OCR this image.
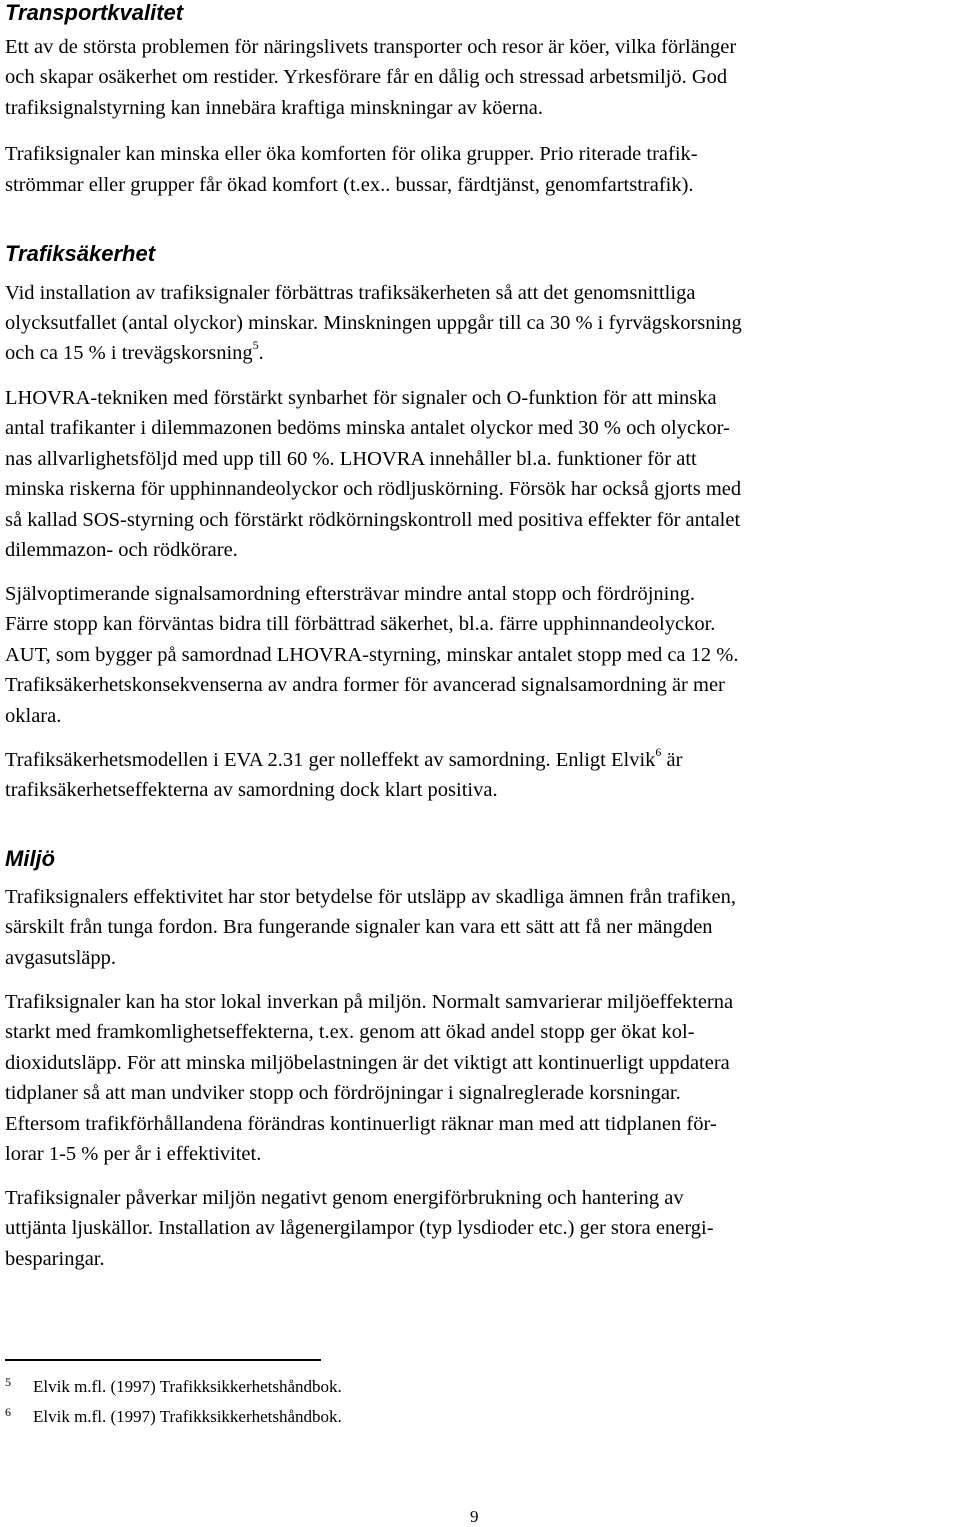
Transportkvalitet
Ett av de största problemen för näringslivets transporter och resor är köer, vilka förlänger
och skapar osäkerhet om restider. Yrkesförare får en dålig och stressad arbetsmiljö. God
trafiksignalstyrning kan innebära kraftiga minskningar av köerna.
Trafiksignaler kan minska eller öka komforten för olika grupper. Prio riterade trafik-
strömmar eller grupper får ökad komfort (t.ex.. bussar, färdtjänst, genomfartstrafik).
Trafiksäkerhet
Vid installation av trafiksignaler förbättras trafiksäkerheten så att det genomsnittliga
olycksutfallet (antal olyckor) minskar. Minskningen uppgår till ca 30 % i fyrvägskorsning
och ca 15 % i trevägskorsning$^5$.
LHOVRA-tekniken med förstärkt synbarhet för signaler och O-funktion för att minska
antal trafikanter i dilemmazonen bedöms minska antalet olyckor med 30 % och olyckor-
nas allvarlighetsföljd med upp till 60 %. LHOVRA innehåller bl.a. funktioner för att
minska riskerna för upphinnandeolyckor och rödljuskörning. Försök har också gjorts med
så kallad SOS-styrning och förstärkt rödkörningskontroll med positiva effekter för antalet
dilemmazon- och rödkörare.
Självoptimerande signalsamordning eftersträvar mindre antal stopp och fördröjning.
Färre stopp kan förväntas bidra till förbättrad säkerhet, bl.a. färre upphinnandeolyckor.
AUT, som bygger på samordnad LHOVRA-styrning, minskar antalet stopp med ca 12 %.
Trafiksäkerhetskonsekvenserna av andra former för avancerad signalsamordning är mer
oklara.
Trafiksäkerhetsmodellen i EVA 2.31 ger nolleffekt av samordning. Enligt Elvik$^6$ är
trafiksäkerhetseffekterna av samordning dock klart positiva.
Miljö
Trafiksignalers effektivitet har stor betydelse för utsläpp av skadliga ämnen från trafiken,
särskilt från tunga fordon. Bra fungerande signaler kan vara ett sätt att få ner mängden
avgasutsläpp.
Trafiksignaler kan ha stor lokal inverkan på miljön. Normalt samvarierar miljöeffekterna
starkt med framkomlighetseffekterna, t.ex. genom att ökad andel stopp ger ökat kol-
dioxidutsläpp. För att minska miljöbelastningen är det viktigt att kontinuerligt uppdatera
tidplaner så att man undviker stopp och fördröjningar i signalreglerade korsningar.
Eftersom trafikförhållandena förändras kontinuerligt räknar man med att tidplanen för-
lorar 1-5 % per år i effektivitet.
Trafiksignaler påverkar miljön negativt genom energiförbrukning och hantering av
uttjänta ljuskällor. Installation av lågenergilampor (typ lysdioder etc.) ger stora energi-
besparingar.
5 Elvik m.fl. (1997) Trafikksikkerhetshåndbok.
6 Elvik m.fl. (1997) Trafikksikkerhetshåndbok.
9
